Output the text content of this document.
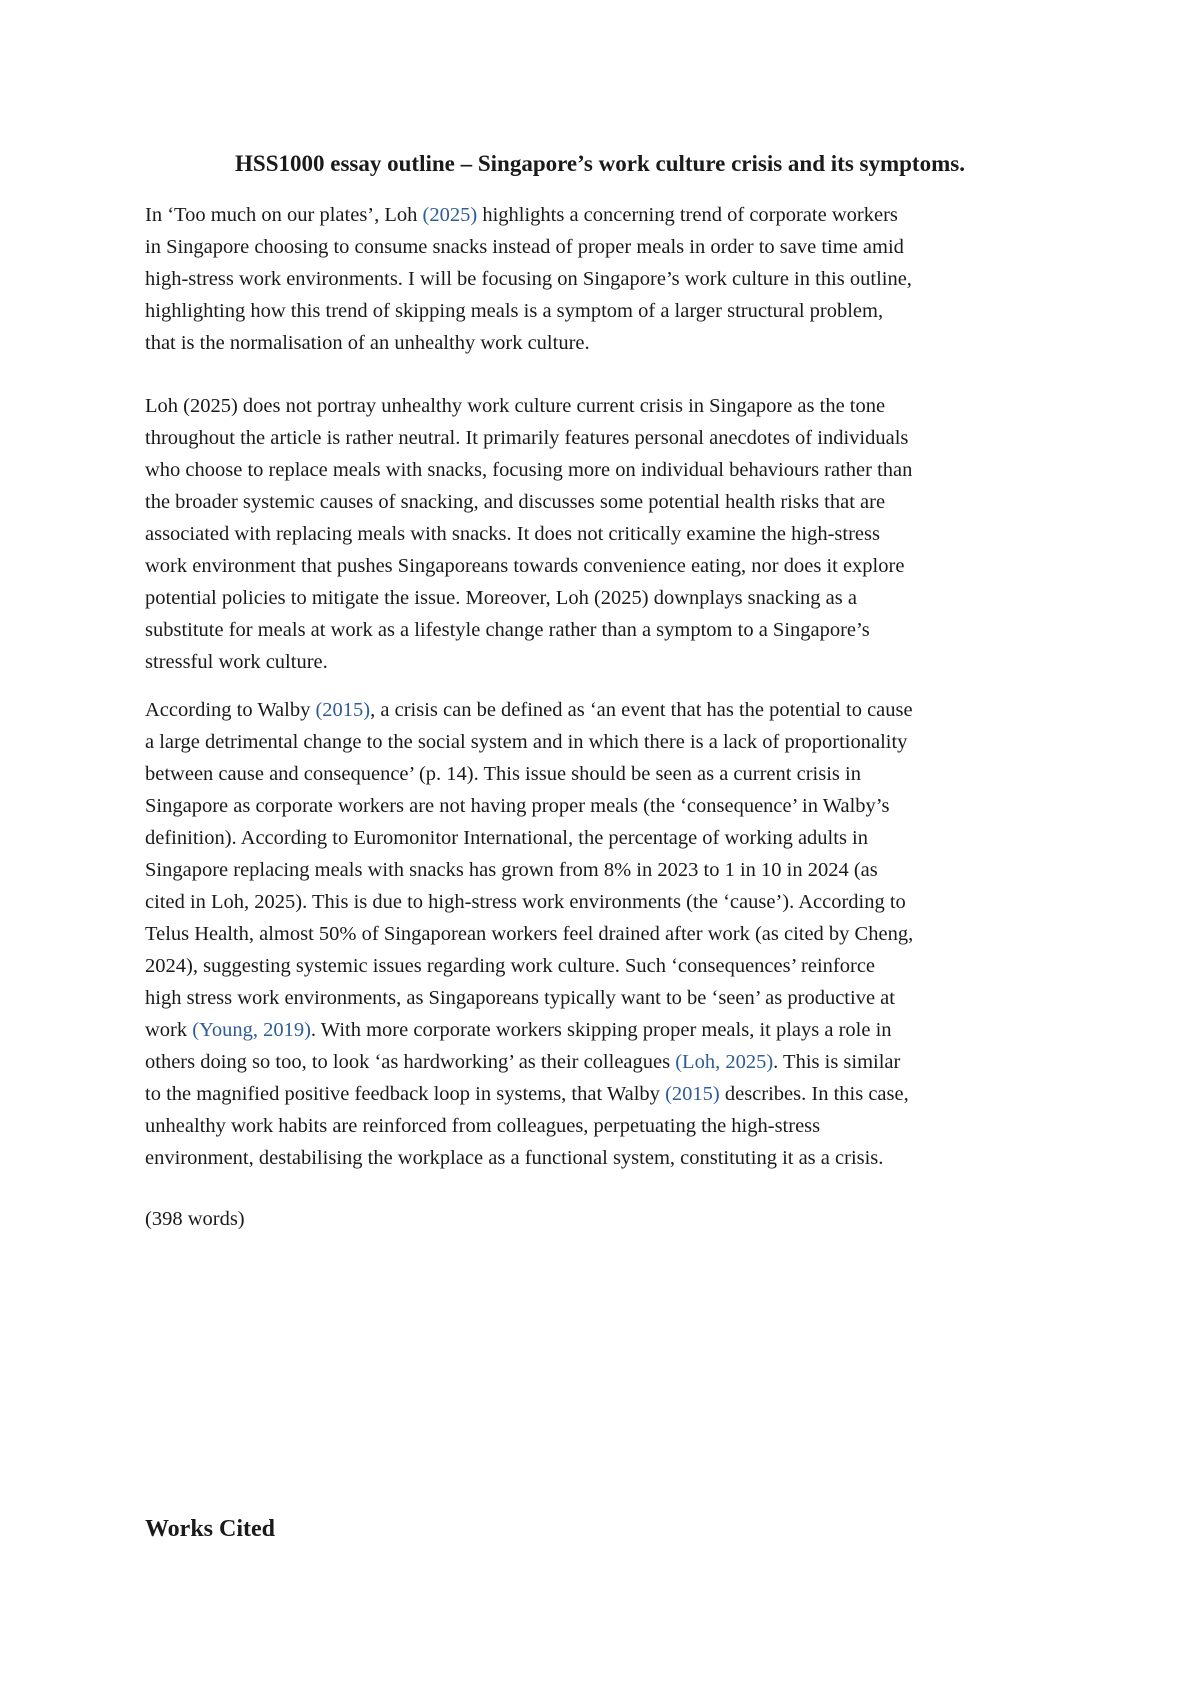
HSS1000 essay outline – Singapore’s work culture crisis and its symptoms.

In ‘Too much on our plates’, Loh (2025) highlights a concerning trend of corporate workers
in Singapore choosing to consume snacks instead of proper meals in order to save time amid
high-stress work environments. I will be focusing on Singapore’s work culture in this outline,
highlighting how this trend of skipping meals is a symptom of a larger structural problem,
that is the normalisation of an unhealthy work culture.

Loh (2025) does not portray unhealthy work culture current crisis in Singapore as the tone
throughout the article is rather neutral. It primarily features personal anecdotes of individuals
who choose to replace meals with snacks, focusing more on individual behaviours rather than
the broader systemic causes of snacking, and discusses some potential health risks that are
associated with replacing meals with snacks. It does not critically examine the high-stress
work environment that pushes Singaporeans towards convenience eating, nor does it explore
potential policies to mitigate the issue. Moreover, Loh (2025) downplays snacking as a
substitute for meals at work as a lifestyle change rather than a symptom to a Singapore’s
stressful work culture.

According to Walby (2015), a crisis can be defined as ‘an event that has the potential to cause
a large detrimental change to the social system and in which there is a lack of proportionality
between cause and consequence’ (p. 14). This issue should be seen as a current crisis in
Singapore as corporate workers are not having proper meals (the ‘consequence’ in Walby’s
definition). According to Euromonitor International, the percentage of working adults in
Singapore replacing meals with snacks has grown from 8% in 2023 to 1 in 10 in 2024 (as
cited in Loh, 2025). This is due to high-stress work environments (the ‘cause’). According to
Telus Health, almost 50% of Singaporean workers feel drained after work (as cited by Cheng,
2024), suggesting systemic issues regarding work culture. Such ‘consequences’ reinforce
high stress work environments, as Singaporeans typically want to be ‘seen’ as productive at
work (Young, 2019). With more corporate workers skipping proper meals, it plays a role in
others doing so too, to look ‘as hardworking’ as their colleagues (Loh, 2025). This is similar
to the magnified positive feedback loop in systems, that Walby (2015) describes. In this case,
unhealthy work habits are reinforced from colleagues, perpetuating the high-stress
environment, destabilising the workplace as a functional system, constituting it as a crisis.

(398 words)

Works Cited
